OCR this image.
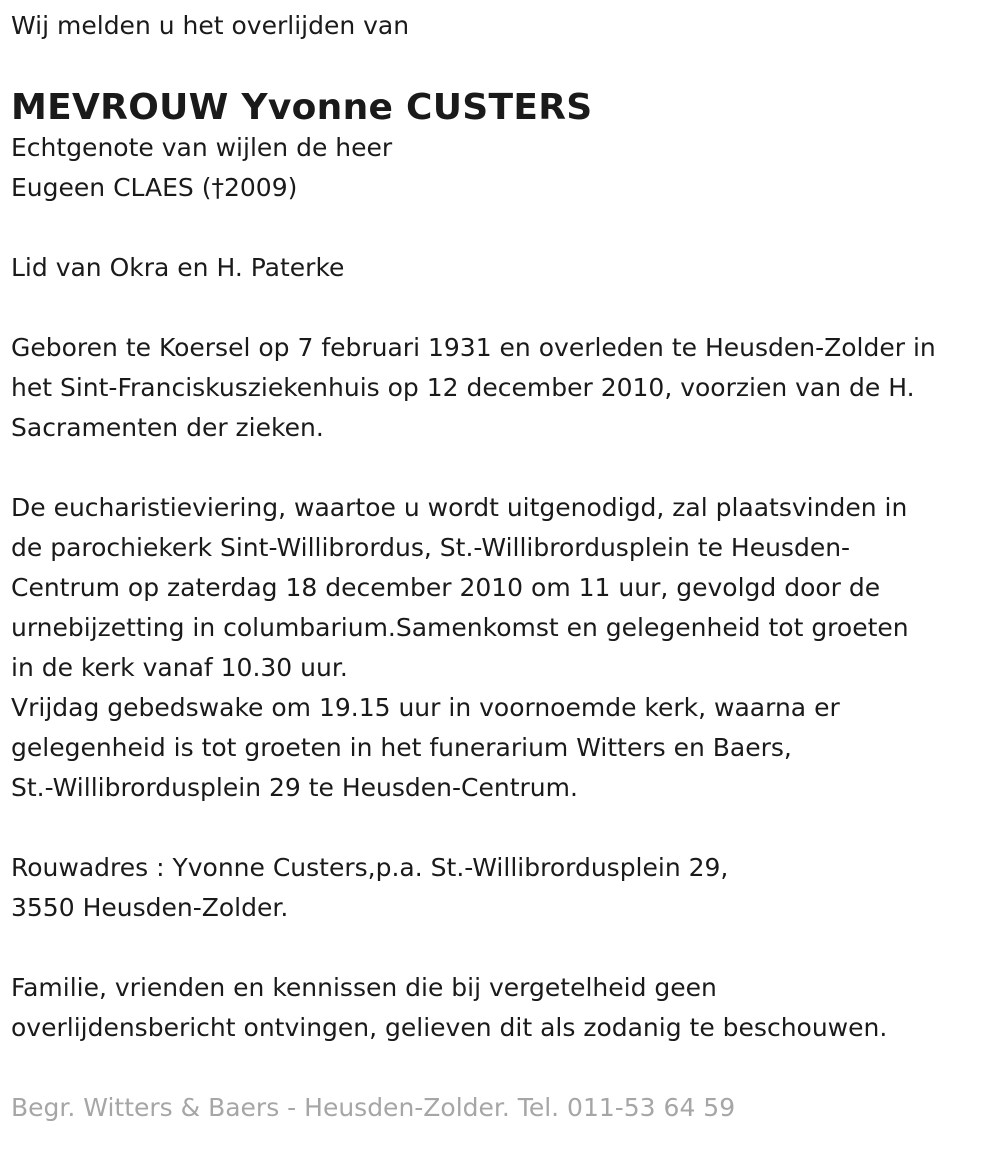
Wij melden u het overlijden van

MEVROUW Yvonne CUSTERS

Echtgenote van wijlen de heer

Eugeen CLAES (†2009)

Lid van Okra en H. Paterke

Geboren te Koersel op 7 februari 1931 en overleden te Heusden-Zolder in

het Sint-Franciskusziekenhuis op 12 december 2010, voorzien van de H.

Sacramenten der zieken.

De eucharistieviering, waartoe u wordt uitgenodigd, zal plaatsvinden in

de parochiekerk Sint-Willibrordus, St.-Willibrordusplein te Heusden-

Centrum op zaterdag 18 december 2010 om 11 uur, gevolgd door de

urnebijzetting in columbarium.Samenkomst en gelegenheid tot groeten

in de kerk vanaf 10.30 uur.

Vrijdag gebedswake om 19.15 uur in voornoemde kerk, waarna er

gelegenheid is tot groeten in het funerarium Witters en Baers,

St.-Willibrordusplein 29 te Heusden-Centrum.

Rouwadres : Yvonne Custers,p.a. St.-Willibrordusplein 29,

3550 Heusden-Zolder.

Familie, vrienden en kennissen die bij vergetelheid geen

overlijdensbericht ontvingen, gelieven dit als zodanig te beschouwen.

Begr. Witters & Baers - Heusden-Zolder. Tel. 011-53 64 59
